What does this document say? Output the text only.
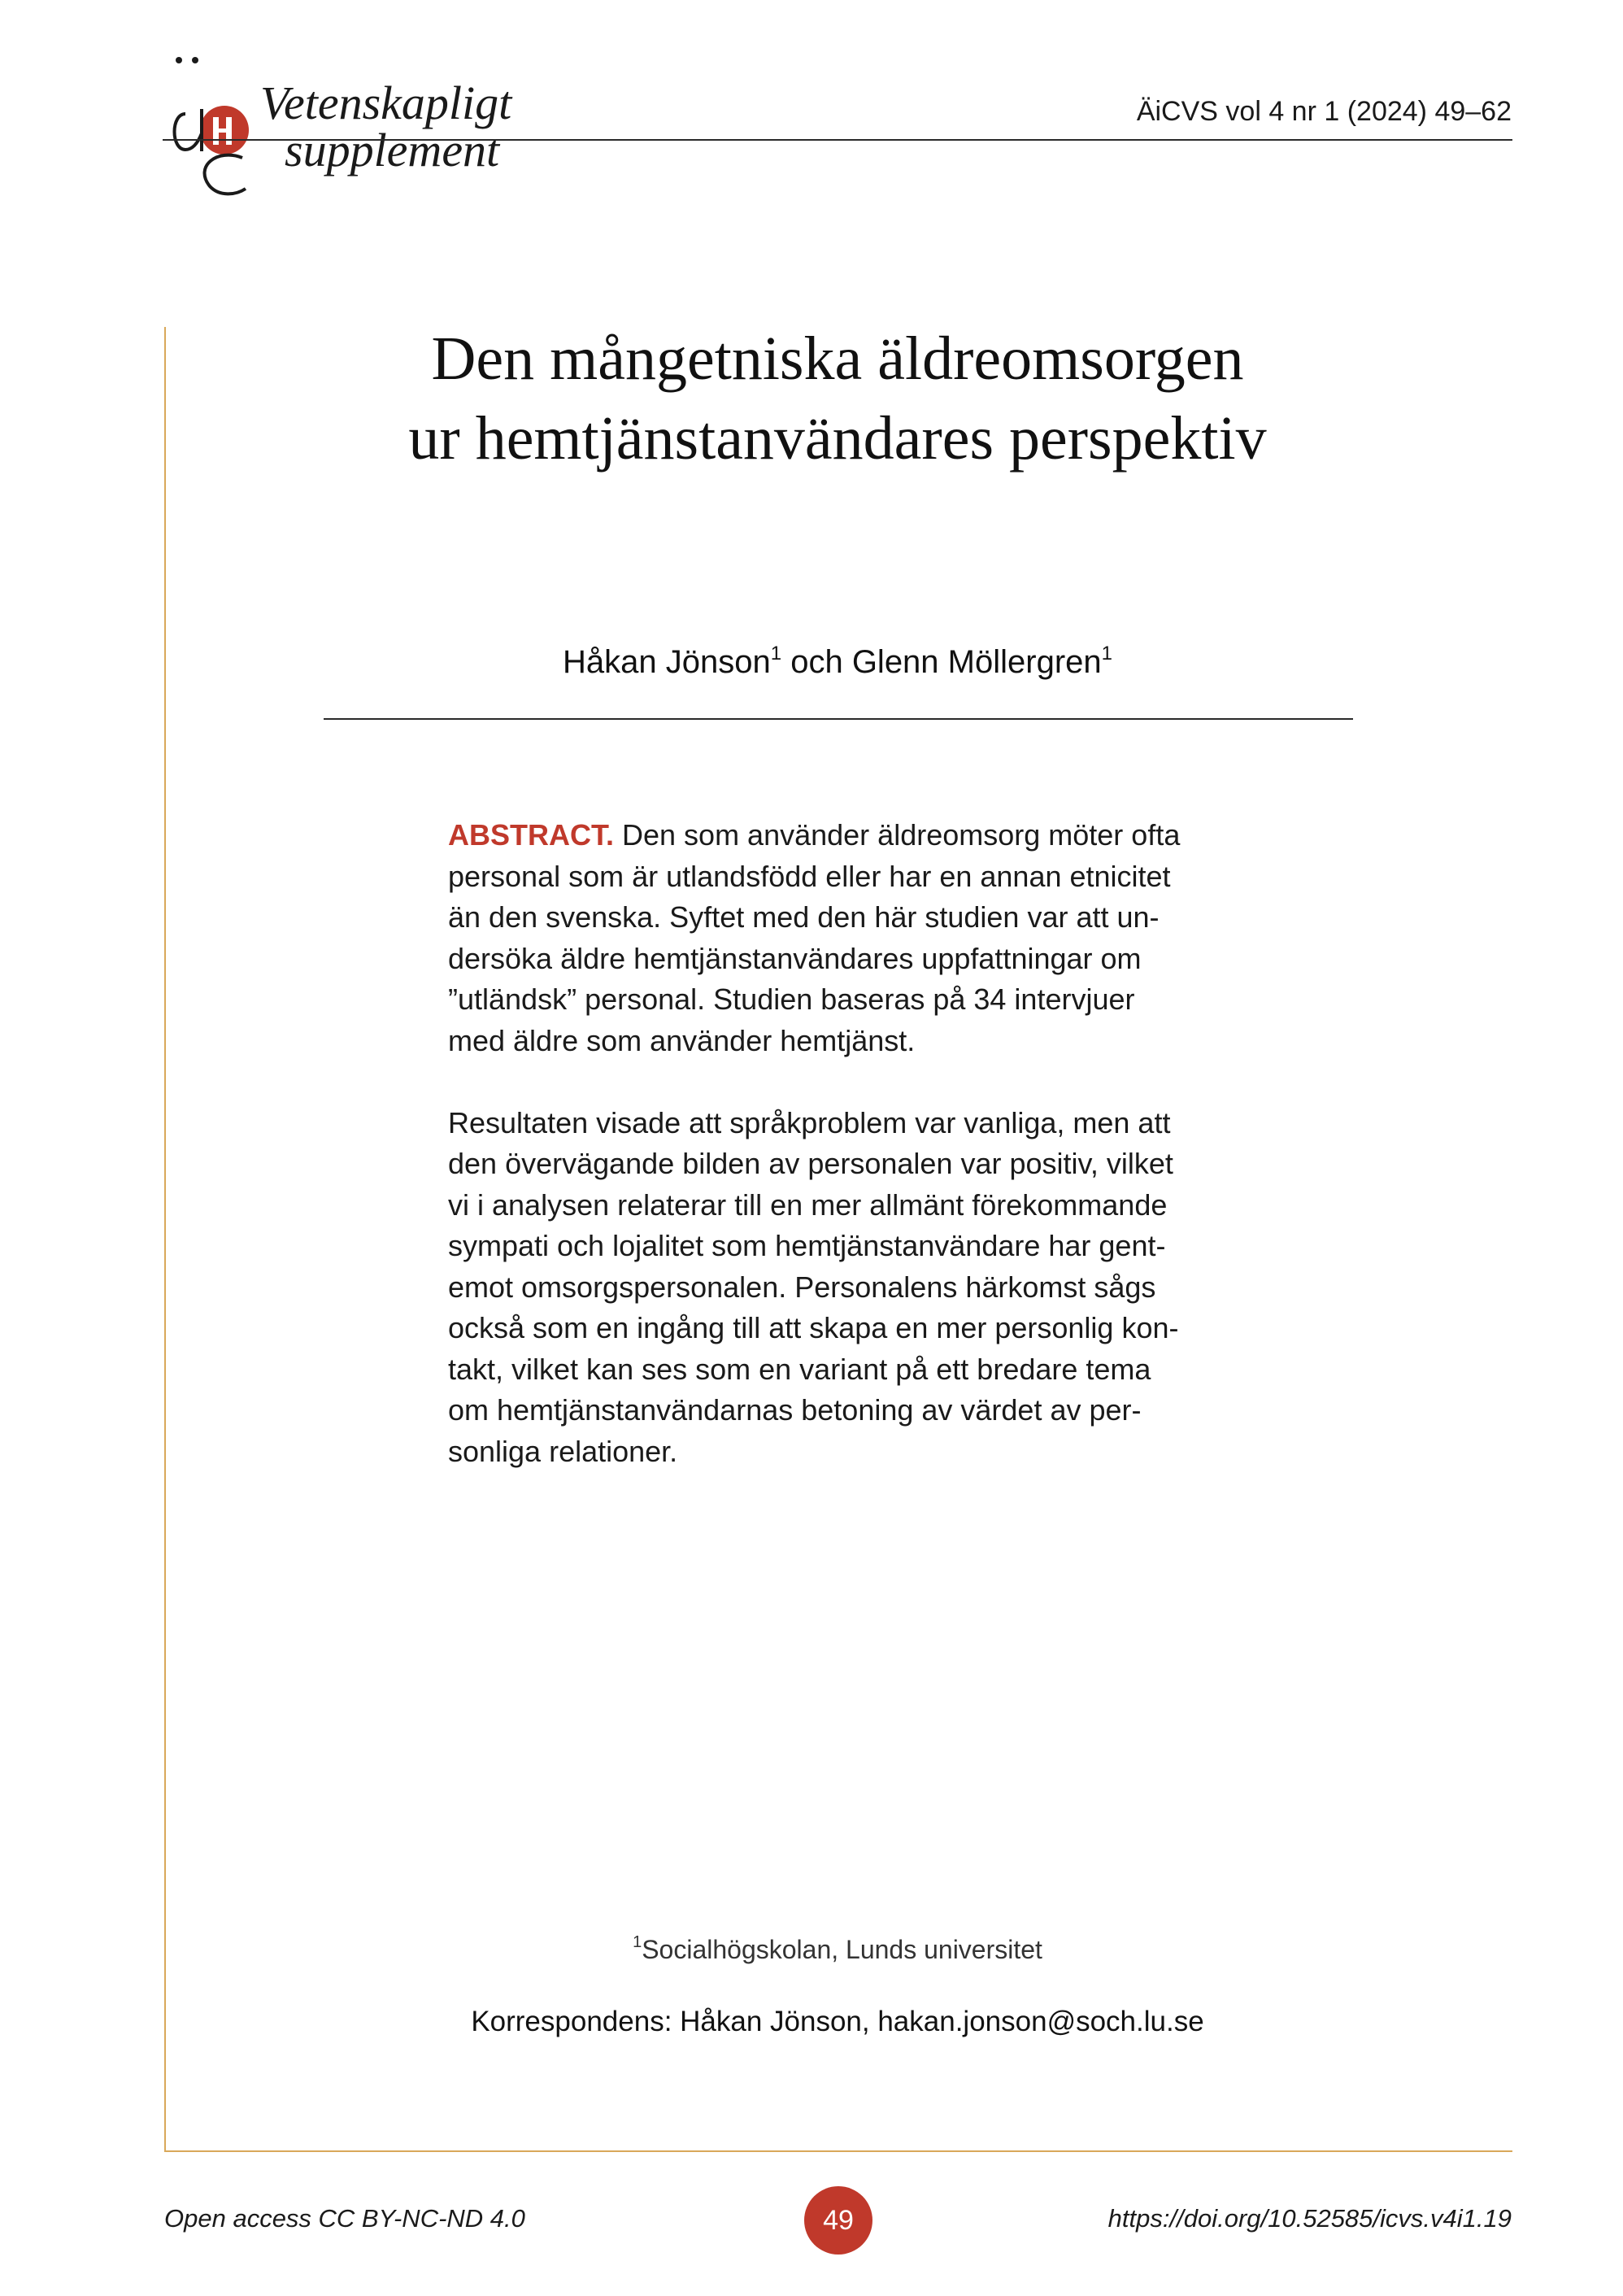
Vetenskapligt
supplement
ÄiCVS vol 4 nr 1 (2024) 49–62
Den mångetniska äldreomsorgen
ur hemtjänstanvändares perspektiv
Håkan Jönson$^1$ och Glenn Möllergren$^1$
ABSTRACT. Den som använder äldreomsorg möter ofta
personal som är utlandsfödd eller har en annan etnicitet
än den svenska. Syftet med den här studien var att un-
dersöka äldre hemtjänstanvändares uppfattningar om
”utländsk” personal. Studien baseras på 34 intervjuer
med äldre som använder hemtjänst.
Resultaten visade att språkproblem var vanliga, men att
den övervägande bilden av personalen var positiv, vilket
vi i analysen relaterar till en mer allmänt förekommande
sympati och lojalitet som hemtjänstanvändare har gent-
emot omsorgspersonalen. Personalens härkomst sågs
också som en ingång till att skapa en mer personlig kon-
takt, vilket kan ses som en variant på ett bredare tema
om hemtjänstanvändarnas betoning av värdet av per-
sonliga relationer.
$^1$Socialhögskolan, Lunds universitet
Korrespondens: Håkan Jönson, hakan.jonson@soch.lu.se
Open access CC BY-NC-ND 4.0	49	https://doi.org/10.52585/icvs.v4i1.19
